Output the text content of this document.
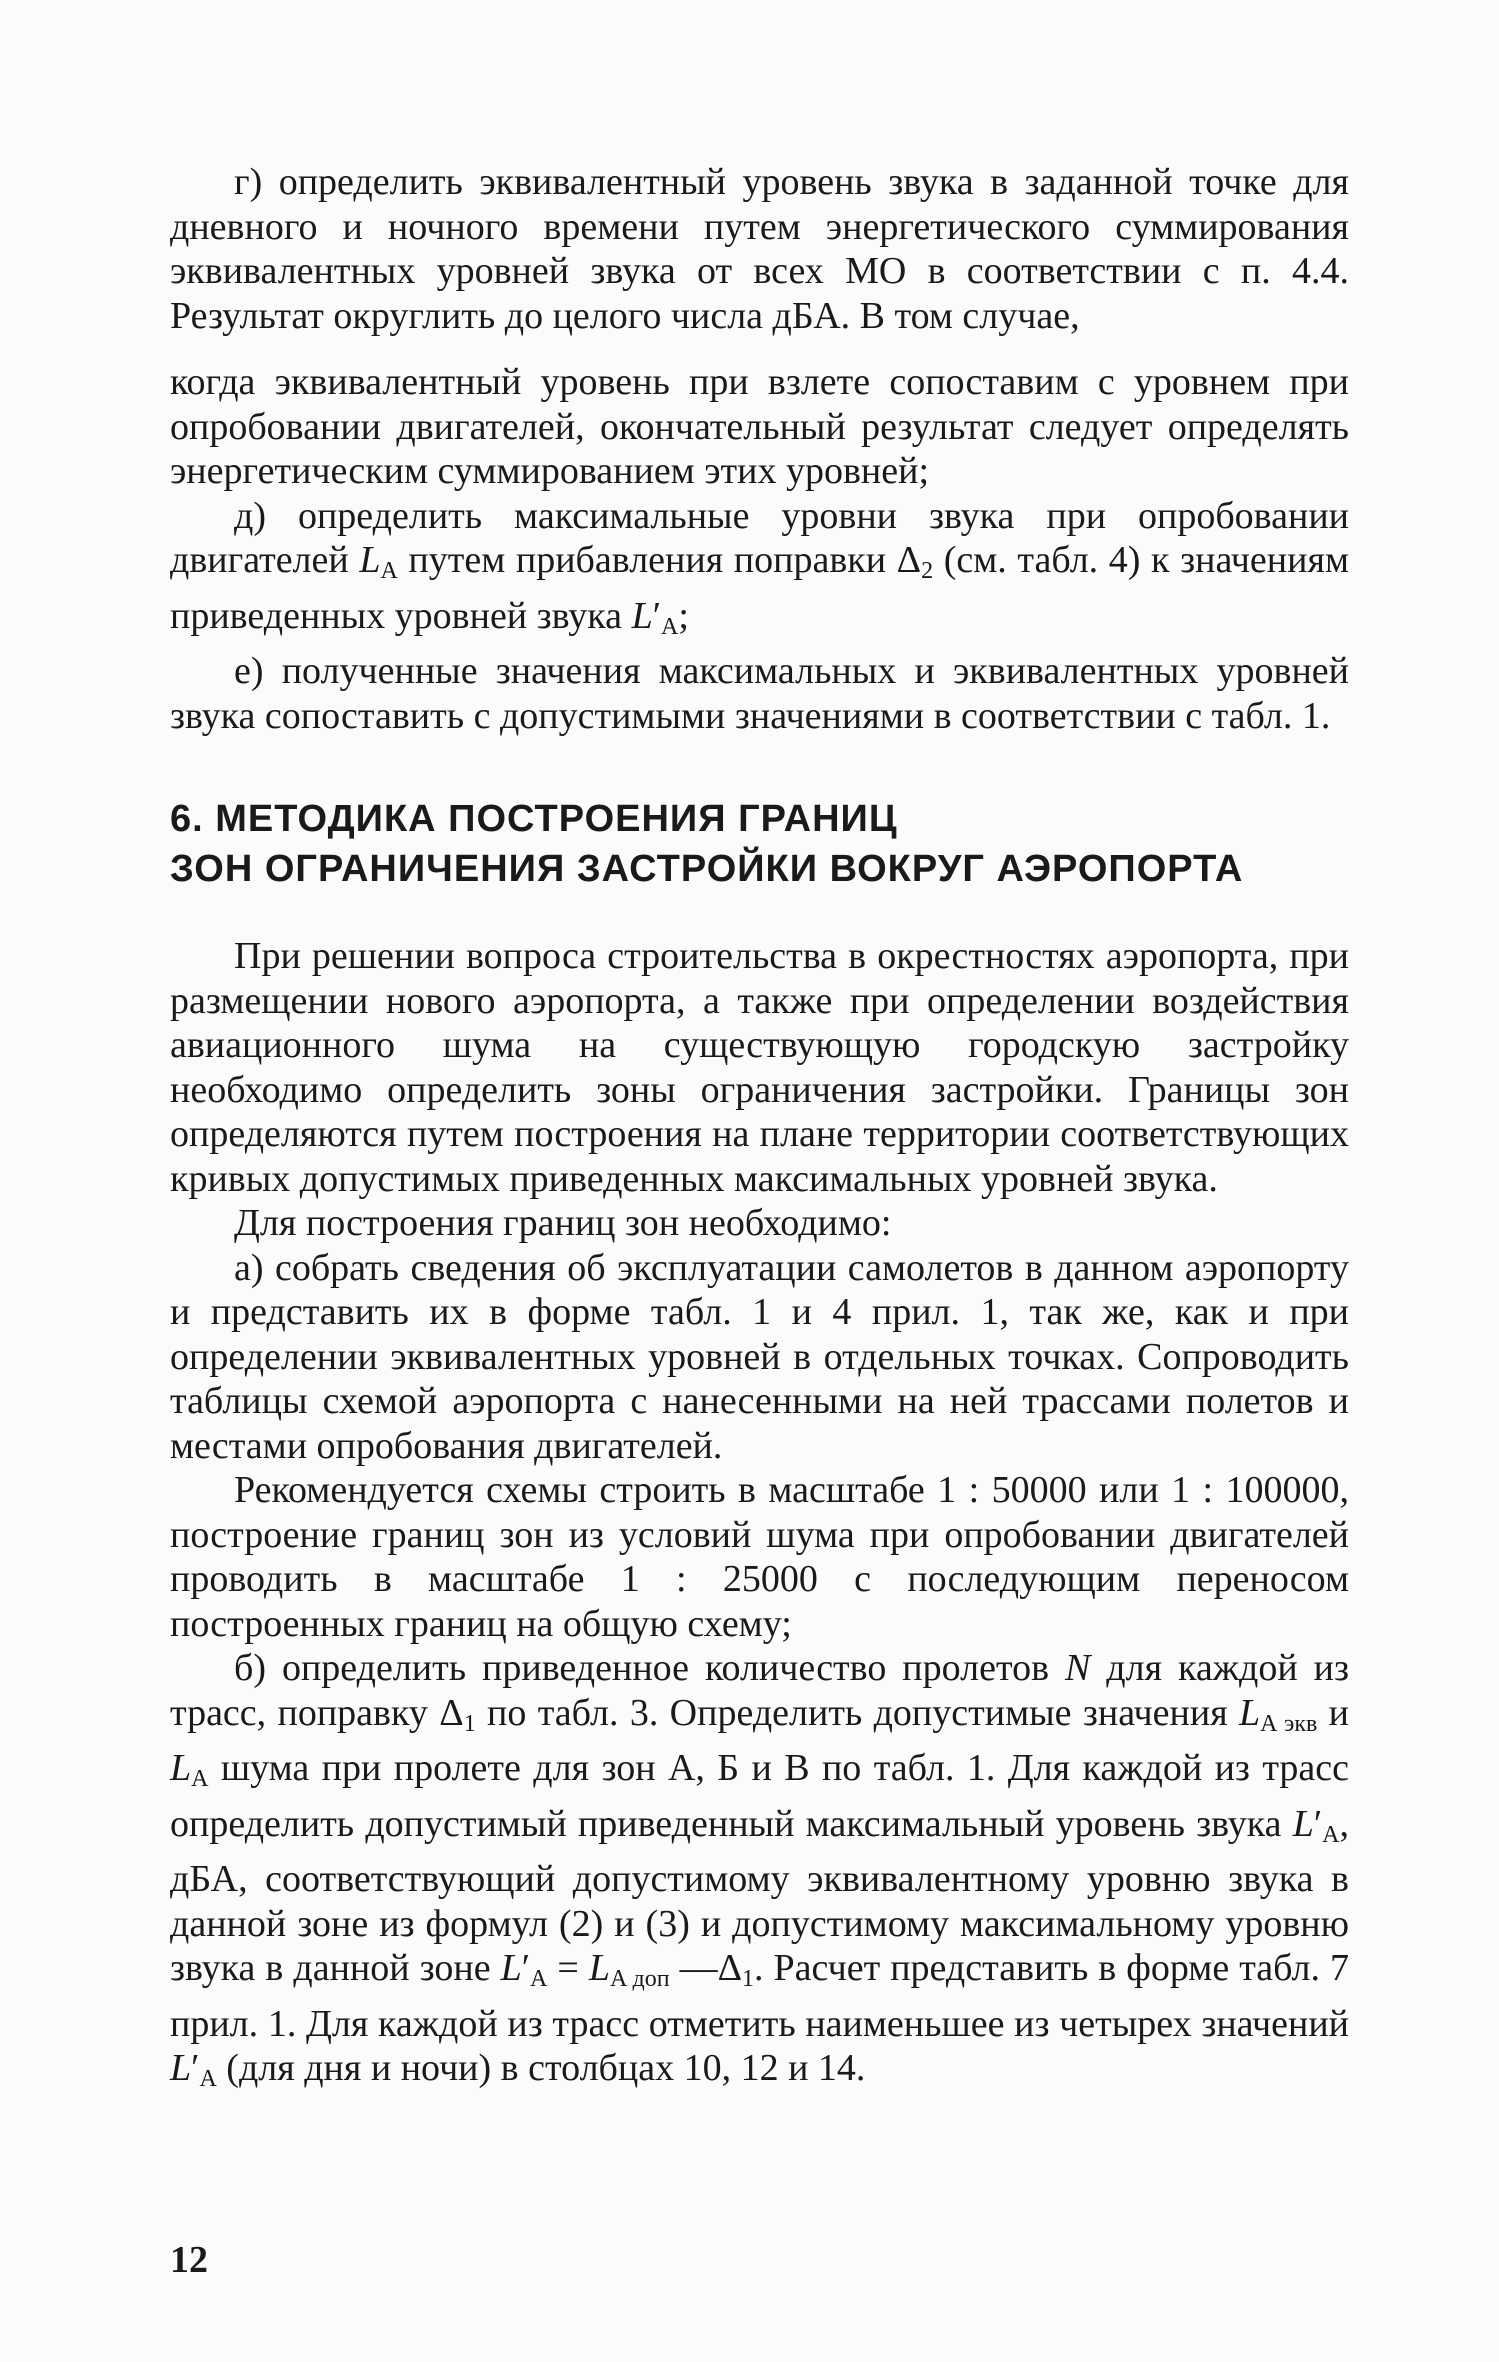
г) определить эквивалентный уровень звука в заданной точке для дневного и ночного времени путем энергетического суммирования эквивалентных уровней звука от всех МО в соответствии с п. 4.4. Результат округлить до целого числа дБА. В том случае,

когда эквивалентный уровень при взлете сопоставим с уровнем при опробовании двигателей, окончательный результат следует определять энергетическим суммированием этих уровней;

д) определить максимальные уровни звука при опробовании двигателей $L_A$ путем прибавления поправки $\Delta_2$ (см. табл. 4) к значениям приведенных уровней звука $L'_A$;

е) полученные значения максимальных и эквивалентных уровней звука сопоставить с допустимыми значениями в соответствии с табл. 1.

6. МЕТОДИКА ПОСТРОЕНИЯ ГРАНИЦ
ЗОН ОГРАНИЧЕНИЯ ЗАСТРОЙКИ ВОКРУГ АЭРОПОРТА

При решении вопроса строительства в окрестностях аэропорта, при размещении нового аэропорта, а также при определении воздействия авиационного шума на существующую городскую застройку необходимо определить зоны ограничения застройки. Границы зон определяются путем построения на плане территории соответствующих кривых допустимых приведенных максимальных уровней звука.

Для построения границ зон необходимо:

а) собрать сведения об эксплуатации самолетов в данном аэропорту и представить их в форме табл. 1 и 4 прил. 1, так же, как и при определении эквивалентных уровней в отдельных точках. Сопроводить таблицы схемой аэропорта с нанесенными на ней трассами полетов и местами опробования двигателей.

Рекомендуется схемы строить в масштабе 1 : 50000 или 1 : 100000, построение границ зон из условий шума при опробовании двигателей проводить в масштабе 1 : 25000 с последующим переносом построенных границ на общую схему;

б) определить приведенное количество пролетов N для каждой из трасс, поправку $\Delta_1$ по табл. 3. Определить допустимые значения $L_{A экв}$ и $L_A$ шума при пролете для зон А, Б и В по табл. 1. Для каждой из трасс определить допустимый приведенный максимальный уровень звука $L'_A$, дБА, соответствующий допустимому эквивалентному уровню звука в данной зоне из формул (2) и (3) и допустимому максимальному уровню звука в данной зоне $L'_A = L_{A доп}$ $—\Delta_1$. Расчет представить в форме табл. 7 прил. 1. Для каждой из трасс отметить наименьшее из четырех значений $L'_A$ (для дня и ночи) в столбцах 10, 12 и 14.

12
